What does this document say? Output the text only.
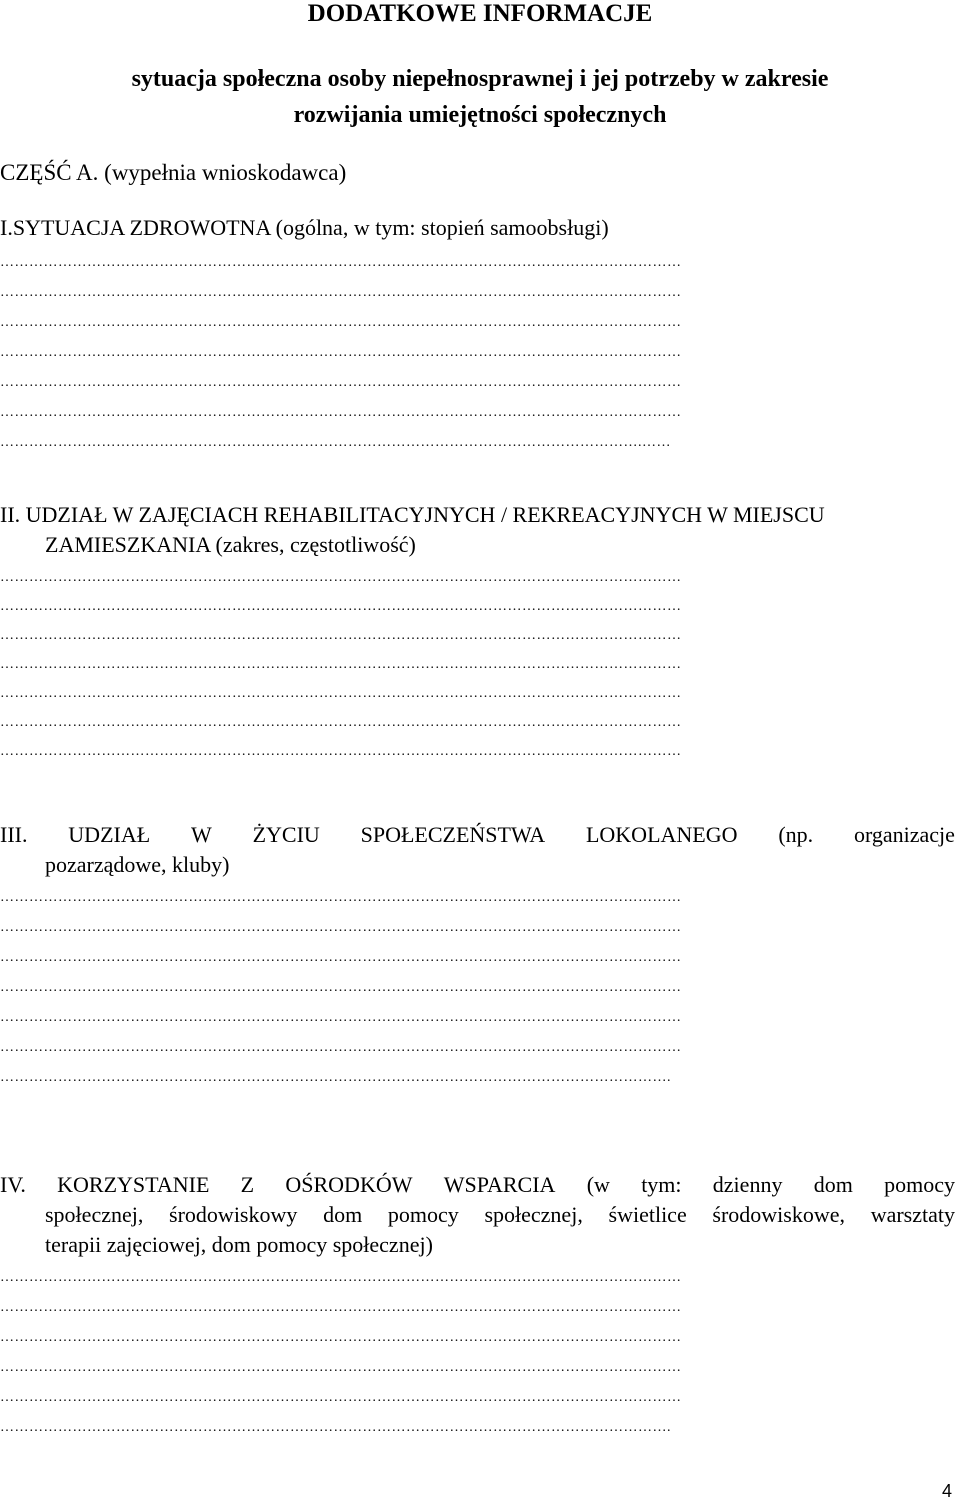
DODATKOWE INFORMACJE
sytuacja społeczna osoby niepełnosprawnej i jej potrzeby w zakresie
rozwijania umiejętności społecznych
CZĘŚĆ A. (wypełnia wnioskodawca)
I.SYTUACJA ZDROWOTNA (ogólna, w tym: stopień samoobsługi)
……………………………………………………………………………………………………………………………
……………………………………………………………………………………………………………………………
……………………………………………………………………………………………………………………………
……………………………………………………………………………………………………………………………
……………………………………………………………………………………………………………………………
……………………………………………………………………………………………………………………………
…………………………………………………………………………………………………………………….……
II. UDZIAŁ W ZAJĘCIACH REHABILITACYJNYCH / REKREACYJNYCH W MIEJSCU
ZAMIESZKANIA (zakres, częstotliwość)
……………………………………………………………………………………………………………………………
……………………………………………………………………………………………………………………………
……………………………………………………………………………………………………………………………
……………………………………………………………………………………………………………………………
……………………………………………………………………………………………………………………………
……………………………………………………………………………………………………………………………
……………………………………………………………………………………………………………………………
III. UDZIAŁ W ŻYCIU SPOŁECZEŃSTWA LOKOLANEGO (np. organizacje
pozarządowe, kluby)
……………………………………………………………………………………………………………………………
……………………………………………………………………………………………………………………………
……………………………………………………………………………………………………………………………
……………………………………………………………………………………………………………………………
……………………………………………………………………………………………………………………………
……………………………………………………………………………………………………………………………
………………………………………………………………………………………………………………………….
IV. KORZYSTANIE Z OŚRODKÓW WSPARCIA (w tym: dzienny dom pomocy
społecznej, środowiskowy dom pomocy społecznej, świetlice środowiskowe, warsztaty
terapii zajęciowej, dom pomocy społecznej)
……………………………………………………………………………………………………………………………
……………………………………………………………………………………………………………………………
……………………………………………………………………………………………………………………………
……………………………………………………………………………………………………………………………
……………………………………………………………………………………………………………………………
………………………………………………………………………………………………………………………….
4
